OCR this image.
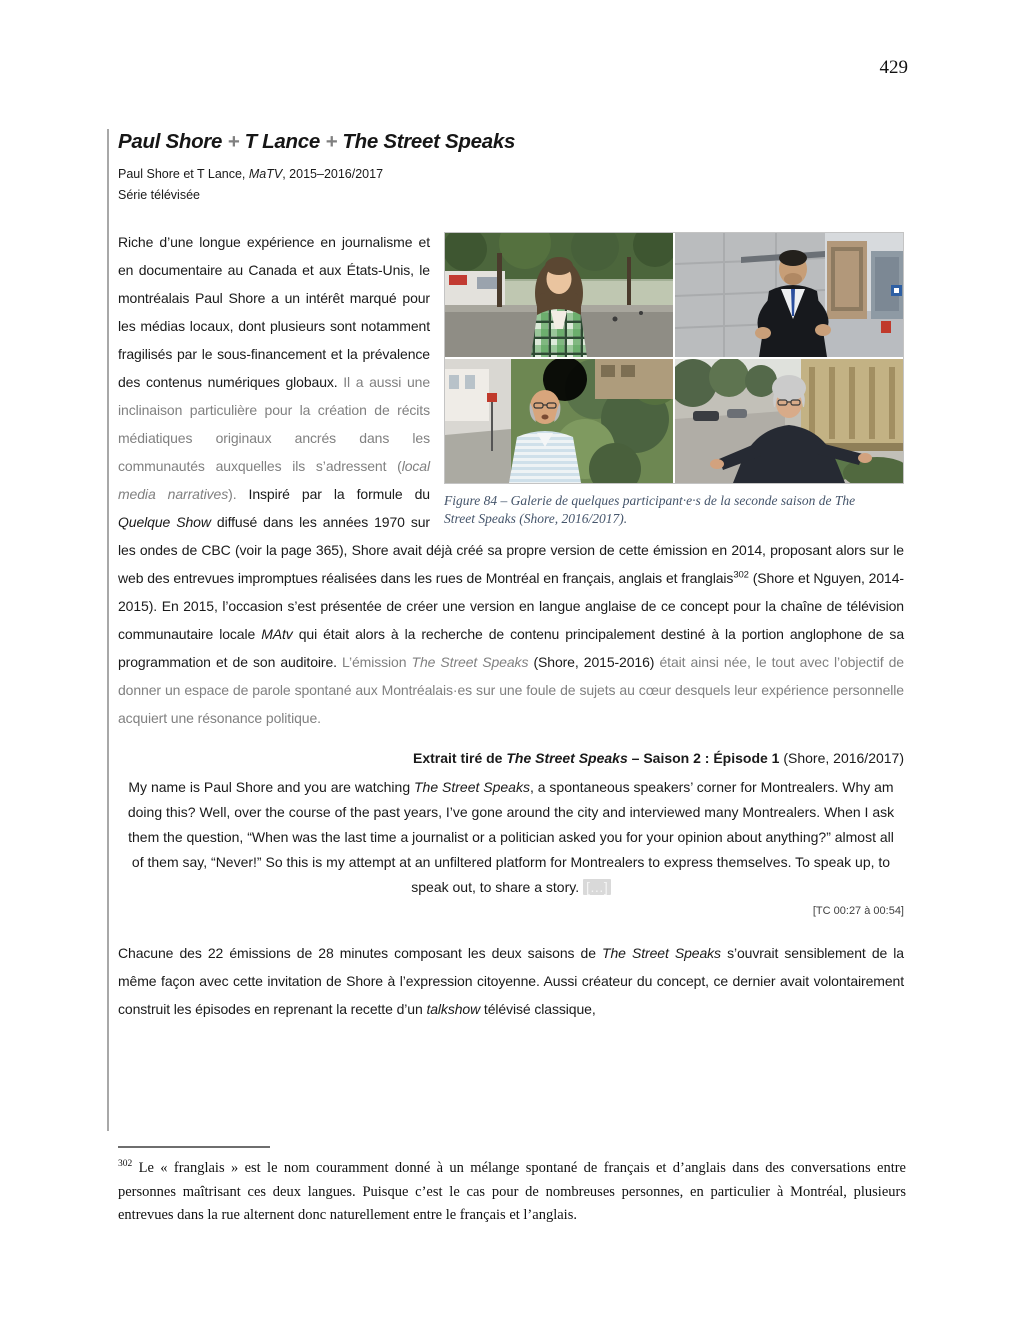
429
Paul Shore + T Lance + The Street Speaks

Paul Shore et T Lance, MaTV, 2015–2016/2017

Série télévisée

Figure 84 – Galerie de quelques participant·e·s de la seconde saison de The Street Speaks (Shore, 2016/2017).

Riche d’une longue expérience en journalisme et en documentaire au Canada et aux États-Unis, le montréalais Paul Shore a un intérêt marqué pour les médias locaux, dont plusieurs sont notamment fragilisés par le sous-financement et la prévalence des contenus numériques globaux. Il a aussi une inclinaison particulière pour la création de récits médiatiques originaux ancrés dans les communautés auxquelles ils s’adressent (local media narratives). Inspiré par la formule du Quelque Show diffusé dans les années 1970 sur les ondes de CBC (voir la page 365), Shore avait déjà créé sa propre version de cette émission en 2014, proposant alors sur le web des entrevues impromptues réalisées dans les rues de Montréal en français, anglais et franglais$^{302}$ (Shore et Nguyen, 2014-2015). En 2015, l’occasion s’est présentée de créer une version en langue anglaise de ce concept pour la chaîne de télévision communautaire locale MAtv qui était alors à la recherche de contenu principalement destiné à la portion anglophone de sa programmation et de son auditoire. L’émission The Street Speaks (Shore, 2015-2016) était ainsi née, le tout avec l’objectif de donner un espace de parole spontané aux Montréalais·es sur une foule de sujets au cœur desquels leur expérience personnelle acquiert une résonance politique.

Extrait tiré de The Street Speaks – Saison 2 : Épisode 1 (Shore, 2016/2017)

My name is Paul Shore and you are watching The Street Speaks, a spontaneous speakers’ corner for Montrealers. Why am doing this? Well, over the course of the past years, I’ve gone around the city and interviewed many Montrealers. When I ask them the question, “When was the last time a journalist or a politician asked you for your opinion about anything?” almost all of them say, “Never!” So this is my attempt at an unfiltered platform for Montrealers to express themselves. To speak up, to speak out, to share a story. […]

[TC 00:27 à 00:54]

Chacune des 22 émissions de 28 minutes composant les deux saisons de The Street Speaks s’ouvrait sensiblement de la même façon avec cette invitation de Shore à l’expression citoyenne. Aussi créateur du concept, ce dernier avait volontairement construit les épisodes en reprenant la recette d’un talkshow télévisé classique,

$^{302}$ Le « franglais » est le nom couramment donné à un mélange spontané de français et d’anglais dans des conversations entre personnes maîtrisant ces deux langues. Puisque c’est le cas pour de nombreuses personnes, en particulier à Montréal, plusieurs entrevues dans la rue alternent donc naturellement entre le français et l’anglais.
